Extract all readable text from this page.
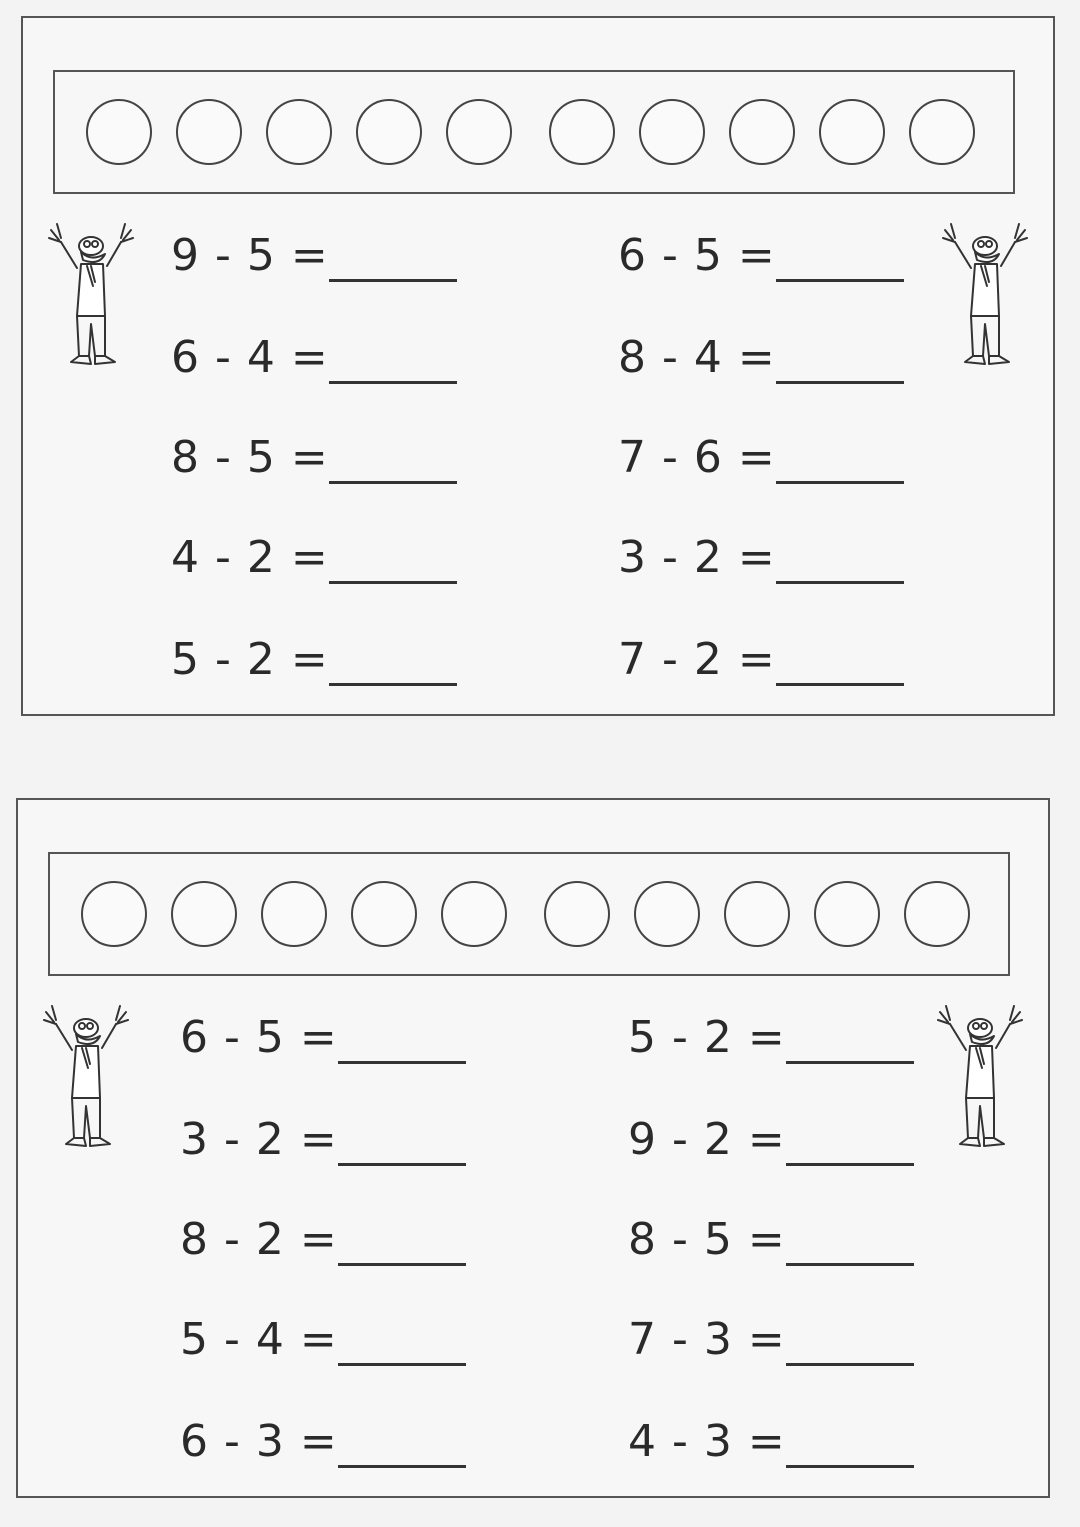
9 - 5 =	6 - 5 =
6 - 4 =	8 - 4 =
8 - 5 =	7 - 6 =
4 - 2 =	3 - 2 =
5 - 2 =	7 - 2 =
6 - 5 =	5 - 2 =
3 - 2 =	9 - 2 =
8 - 2 =	8 - 5 =
5 - 4 =	7 - 3 =
6 - 3 =	4 - 3 =
